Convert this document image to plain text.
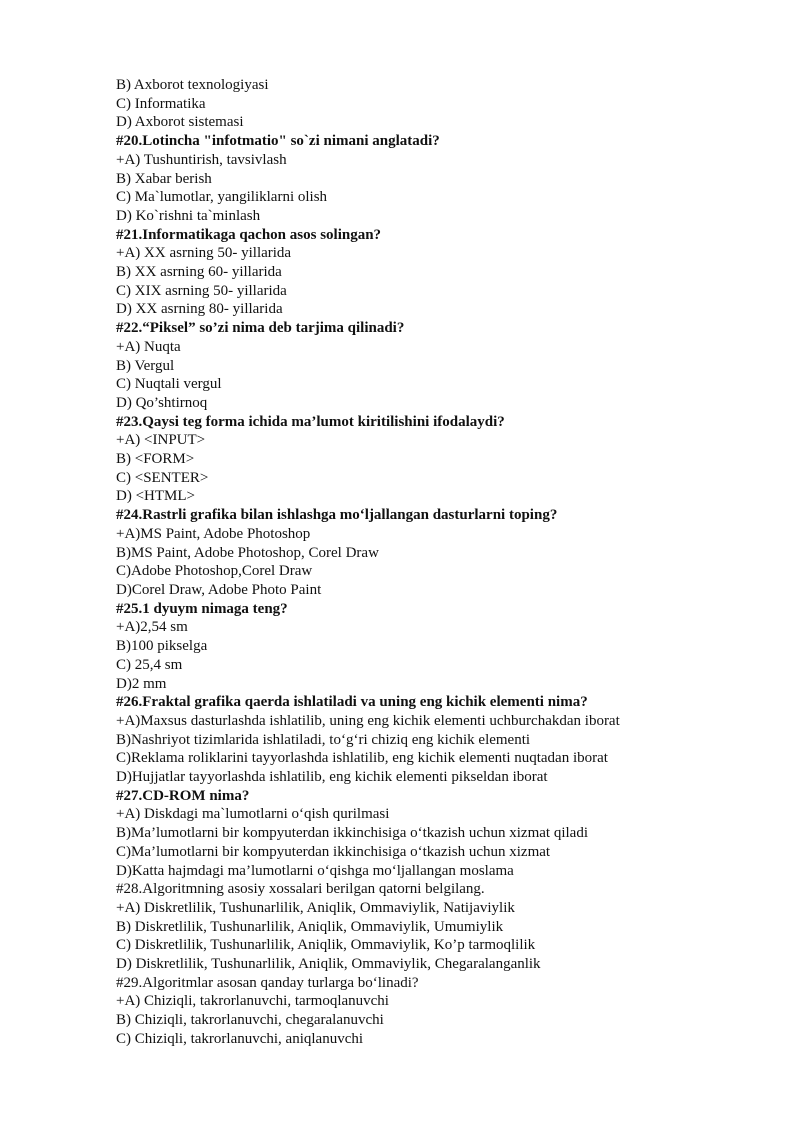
B) Axborot texnologiyasi
C) Informatika
D) Axborot sistemasi
#20.Lotincha "infotmatio" so`zi nimani anglatadi?
+A) Tushuntirish, tavsivlash
B) Xabar berish
C) Ma`lumotlar, yangiliklarni olish
D) Ko`rishni ta`minlash
#21.Informatikaga qachon asos solingan?
+A) XX asrning 50- yillarida
B) XX asrning 60- yillarida
C) XIX asrning 50- yillarida
D) XX asrning 80- yillarida
#22.“Piksel” so’zi nima deb tarjima qilinadi?
+A) Nuqta
B) Vergul
C) Nuqtali vergul
D) Qo’shtirnoq
#23.Qaysi teg forma ichida ma’lumot kiritilishini ifodalaydi?
+A) <INPUT>
B) <FORM>
C) <SENTER>
D) <HTML>
#24.Rastrli grafika bilan ishlashga mo‘ljallangan dasturlarni toping?
+A)MS Paint, Adobe Photoshop
B)MS Paint, Adobe Photoshop, Corel Draw
C)Adobe Photoshop,Corel Draw
D)Corel Draw, Adobe Photo Paint
#25.1 dyuym nimaga teng?
+A)2,54 sm
B)100 pikselga
C) 25,4 sm
D)2 mm
#26.Fraktal grafika qaerda ishlatiladi va uning eng kichik elementi nima?
+A)Maxsus dasturlashda ishlatilib, uning eng kichik elementi uchburchakdan iborat
B)Nashriyot tizimlarida ishlatiladi, to‘g‘ri chiziq eng kichik elementi
C)Reklama roliklarini tayyorlashda ishlatilib, eng kichik elementi nuqtadan iborat
D)Hujjatlar tayyorlashda ishlatilib, eng kichik elementi pikseldan iborat
#27.CD-ROM nima?
+A) Diskdagi ma`lumotlarni o‘qish qurilmasi
B)Ma’lumotlarni bir kompyuterdan ikkinchisiga o‘tkazish uchun xizmat qiladi
C)Ma’lumotlarni bir kompyuterdan ikkinchisiga o‘tkazish uchun xizmat
D)Katta hajmdagi ma’lumotlarni o‘qishga mo‘ljallangan moslama
#28.Algoritmning asosiy xossalari berilgan qatorni belgilang.
+A) Diskretlilik, Tushunarlilik, Aniqlik, Ommaviylik, Natijaviylik
B) Diskretlilik, Tushunarlilik, Aniqlik, Ommaviylik, Umumiylik
C) Diskretlilik, Tushunarlilik, Aniqlik, Ommaviylik, Ko’p tarmoqlilik
D) Diskretlilik, Tushunarlilik, Aniqlik, Ommaviylik, Chegaralanganlik
#29.Algoritmlar asosan qanday turlarga bo‘linadi?
+A) Chiziqli, takrorlanuvchi, tarmoqlanuvchi
B) Chiziqli, takrorlanuvchi, chegaralanuvchi
C) Chiziqli, takrorlanuvchi, aniqlanuvchi
